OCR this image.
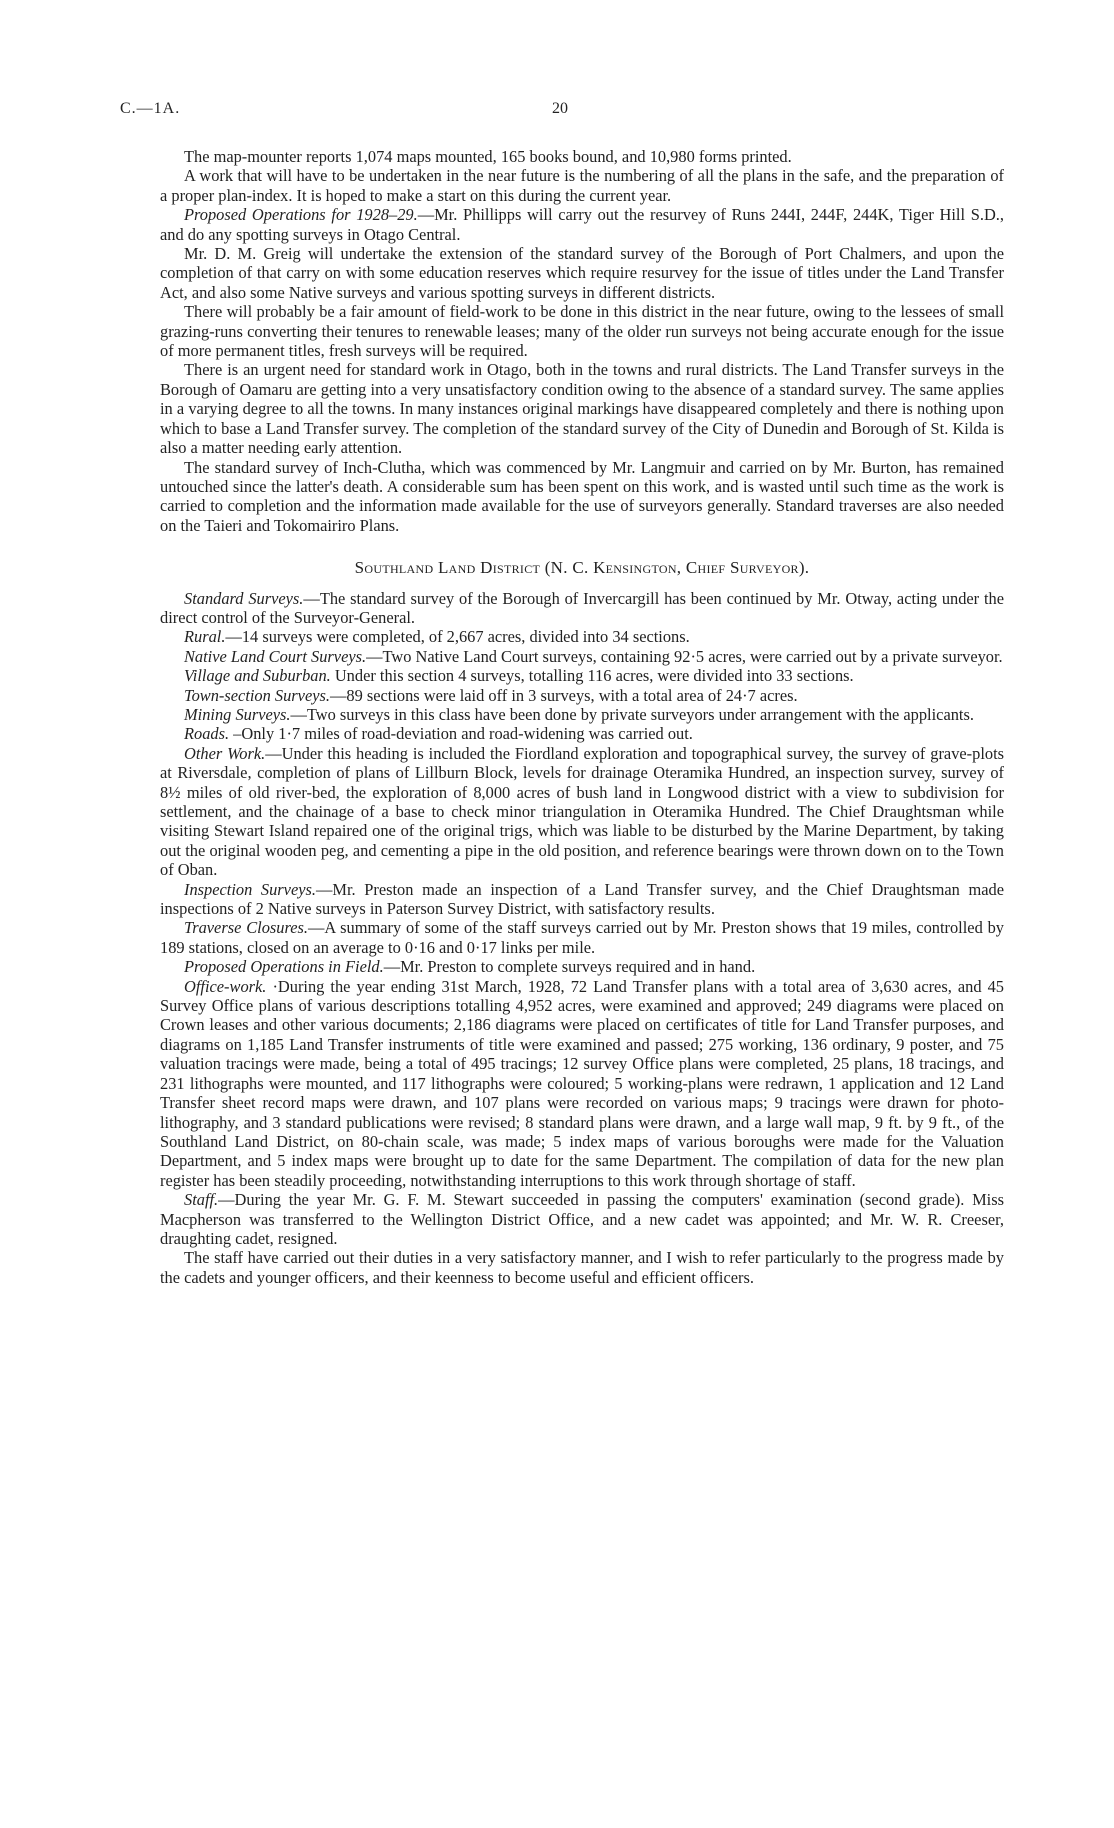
C.—1A.	20

The map-mounter reports 1,074 maps mounted, 165 books bound, and 10,980 forms printed.

A work that will have to be undertaken in the near future is the numbering of all the plans in the safe, and the preparation of a proper plan-index. It is hoped to make a start on this during the current year.

Proposed Operations for 1928–29.—Mr. Phillipps will carry out the resurvey of Runs 244I, 244F, 244K, Tiger Hill S.D., and do any spotting surveys in Otago Central.

Mr. D. M. Greig will undertake the extension of the standard survey of the Borough of Port Chalmers, and upon the completion of that carry on with some education reserves which require resurvey for the issue of titles under the Land Transfer Act, and also some Native surveys and various spotting surveys in different districts.

There will probably be a fair amount of field-work to be done in this district in the near future, owing to the lessees of small grazing-runs converting their tenures to renewable leases; many of the older run surveys not being accurate enough for the issue of more permanent titles, fresh surveys will be required.

There is an urgent need for standard work in Otago, both in the towns and rural districts. The Land Transfer surveys in the Borough of Oamaru are getting into a very unsatisfactory condition owing to the absence of a standard survey. The same applies in a varying degree to all the towns. In many instances original markings have disappeared completely and there is nothing upon which to base a Land Transfer survey. The completion of the standard survey of the City of Dunedin and Borough of St. Kilda is also a matter needing early attention.

The standard survey of Inch-Clutha, which was commenced by Mr. Langmuir and carried on by Mr. Burton, has remained untouched since the latter's death. A considerable sum has been spent on this work, and is wasted until such time as the work is carried to completion and the information made available for the use of surveyors generally. Standard traverses are also needed on the Taieri and Tokomairiro Plans.

Southland Land District (N. C. Kensington, Chief Surveyor).

Standard Surveys.—The standard survey of the Borough of Invercargill has been continued by Mr. Otway, acting under the direct control of the Surveyor-General.

Rural.—14 surveys were completed, of 2,667 acres, divided into 34 sections.

Native Land Court Surveys.—Two Native Land Court surveys, containing 92·5 acres, were carried out by a private surveyor.

Village and Suburban. Under this section 4 surveys, totalling 116 acres, were divided into 33 sections.

Town-section Surveys.—89 sections were laid off in 3 surveys, with a total area of 24·7 acres.

Mining Surveys.—Two surveys in this class have been done by private surveyors under arrangement with the applicants.

Roads. –Only 1·7 miles of road-deviation and road-widening was carried out.

Other Work.—Under this heading is included the Fiordland exploration and topographical survey, the survey of grave-plots at Riversdale, completion of plans of Lillburn Block, levels for drainage Oteramika Hundred, an inspection survey, survey of 8½ miles of old river-bed, the exploration of 8,000 acres of bush land in Longwood district with a view to subdivision for settlement, and the chainage of a base to check minor triangulation in Oteramika Hundred. The Chief Draughtsman while visiting Stewart Island repaired one of the original trigs, which was liable to be disturbed by the Marine Department, by taking out the original wooden peg, and cementing a pipe in the old position, and reference bearings were thrown down on to the Town of Oban.

Inspection Surveys.—Mr. Preston made an inspection of a Land Transfer survey, and the Chief Draughtsman made inspections of 2 Native surveys in Paterson Survey District, with satisfactory results.

Traverse Closures.—A summary of some of the staff surveys carried out by Mr. Preston shows that 19 miles, controlled by 189 stations, closed on an average to 0·16 and 0·17 links per mile.

Proposed Operations in Field.—Mr. Preston to complete surveys required and in hand.

Office-work. ·During the year ending 31st March, 1928, 72 Land Transfer plans with a total area of 3,630 acres, and 45 Survey Office plans of various descriptions totalling 4,952 acres, were examined and approved; 249 diagrams were placed on Crown leases and other various documents; 2,186 diagrams were placed on certificates of title for Land Transfer purposes, and diagrams on 1,185 Land Transfer instruments of title were examined and passed; 275 working, 136 ordinary, 9 poster, and 75 valuation tracings were made, being a total of 495 tracings; 12 survey Office plans were completed, 25 plans, 18 tracings, and 231 lithographs were mounted, and 117 lithographs were coloured; 5 working-plans were redrawn, 1 application and 12 Land Transfer sheet record maps were drawn, and 107 plans were recorded on various maps; 9 tracings were drawn for photo-lithography, and 3 standard publications were revised; 8 standard plans were drawn, and a large wall map, 9 ft. by 9 ft., of the Southland Land District, on 80-chain scale, was made; 5 index maps of various boroughs were made for the Valuation Department, and 5 index maps were brought up to date for the same Department. The compilation of data for the new plan register has been steadily proceeding, notwithstanding interruptions to this work through shortage of staff.

Staff.—During the year Mr. G. F. M. Stewart succeeded in passing the computers' examination (second grade). Miss Macpherson was transferred to the Wellington District Office, and a new cadet was appointed; and Mr. W. R. Creeser, draughting cadet, resigned.

The staff have carried out their duties in a very satisfactory manner, and I wish to refer particularly to the progress made by the cadets and younger officers, and their keenness to become useful and efficient officers.
